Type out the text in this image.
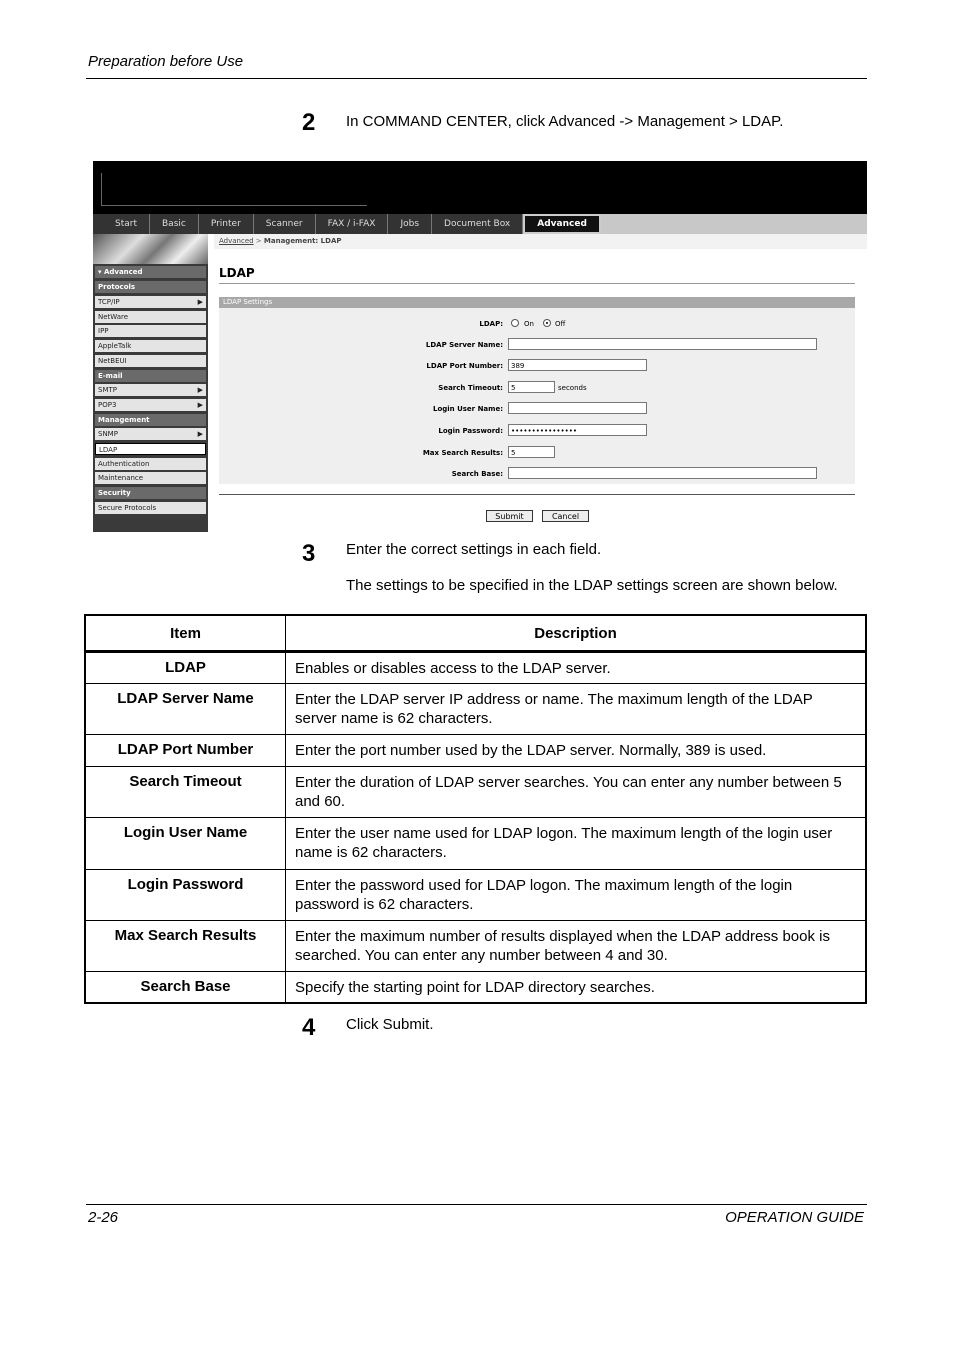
Preparation before Use
2 In COMMAND CENTER, click Advanced -> Management > LDAP.
Start	Basic	Printer	Scanner	FAX / i-FAX	Jobs	Document Box	Advanced
▾ Advanced
Protocols
TCP/IP	▶
NetWare
IPP
AppleTalk
NetBEUI
E-mail
SMTP	▶
POP3	▶
Management
SNMP	▶
LDAP
Authentication
Maintenance
Security
Secure Protocols
Advanced > Management: LDAP
LDAP
LDAP Settings
LDAP:	On	Off
LDAP Server Name:
LDAP Port Number:	389
Search Timeout:	5	seconds
Login User Name:
Login Password:	••••••••••••••••
Max Search Results:	5
Search Base:
Submit	Cancel
3 Enter the correct settings in each field.
The settings to be specified in the LDAP settings screen are shown below.
Item	Description
LDAP	Enables or disables access to the LDAP server.
LDAP Server Name	Enter the LDAP server IP address or name. The maximum length of the LDAP server name is 62 characters.
LDAP Port Number	Enter the port number used by the LDAP server. Normally, 389 is used.
Search Timeout	Enter the duration of LDAP server searches. You can enter any number between 5 and 60.
Login User Name	Enter the user name used for LDAP logon. The maximum length of the login user name is 62 characters.
Login Password	Enter the password used for LDAP logon. The maximum length of the login password is 62 characters.
Max Search Results	Enter the maximum number of results displayed when the LDAP address book is searched. You can enter any number between 4 and 30.
Search Base	Specify the starting point for LDAP directory searches.
4 Click Submit.
2-26	OPERATION GUIDE
